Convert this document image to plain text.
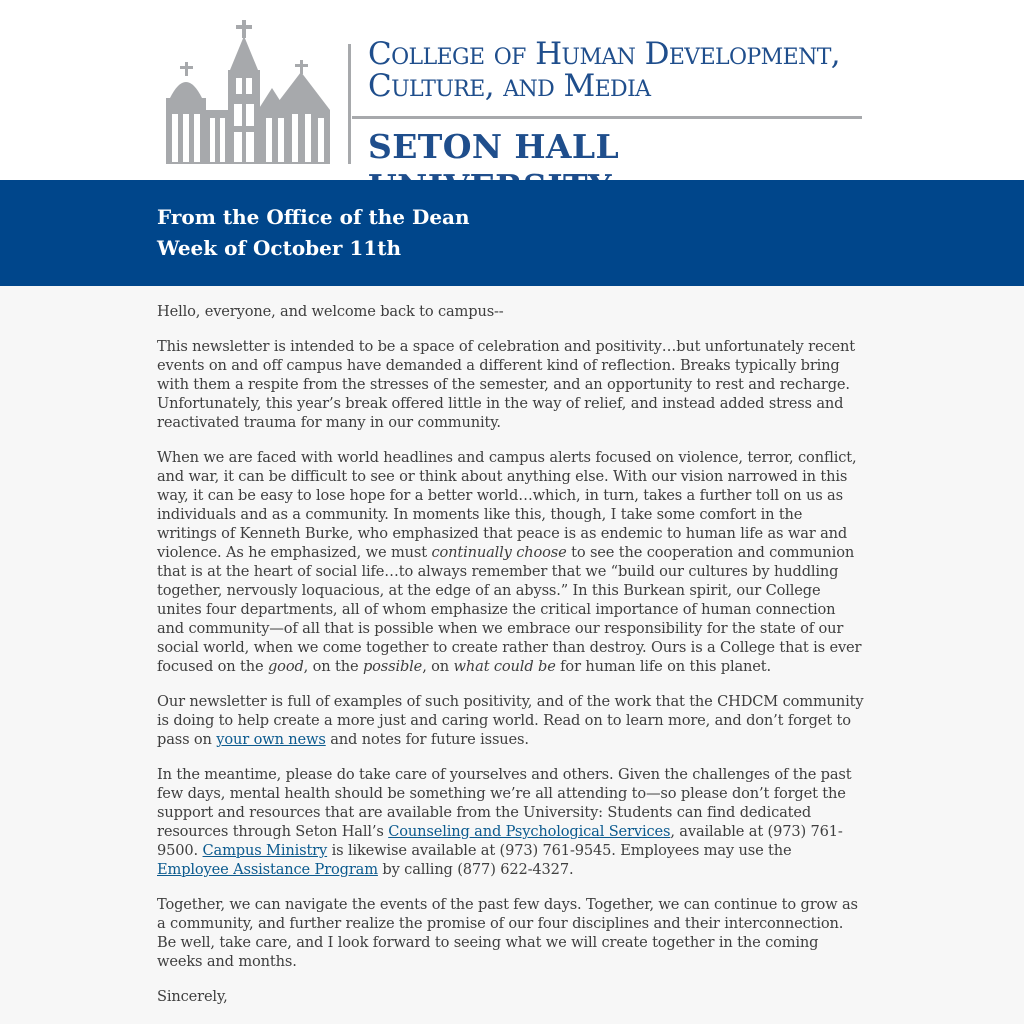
College of Human Development,
Culture, and Media
SETON HALL
From the Office of the Dean
Week of October 11th

Hello, everyone, and welcome back to campus--

This newsletter is intended to be a space of celebration and positivity…but unfortunately recent events on and off campus have demanded a different kind of reflection. Breaks typically bring with them a respite from the stresses of the semester, and an opportunity to rest and recharge. Unfortunately, this year’s break offered little in the way of relief, and instead added stress and reactivated trauma for many in our community.

When we are faced with world headlines and campus alerts focused on violence, terror, conflict, and war, it can be difficult to see or think about anything else. With our vision narrowed in this way, it can be easy to lose hope for a better world…which, in turn, takes a further toll on us as individuals and as a community. In moments like this, though, I take some comfort in the writings of Kenneth Burke, who emphasized that peace is as endemic to human life as war and violence. As he emphasized, we must continually choose to see the cooperation and communion that is at the heart of social life…to always remember that we “build our cultures by huddling together, nervously loquacious, at the edge of an abyss.” In this Burkean spirit, our College unites four departments, all of whom emphasize the critical importance of human connection and community—of all that is possible when we embrace our responsibility for the state of our social world, when we come together to create rather than destroy. Ours is a College that is ever focused on the good, on the possible, on what could be for human life on this planet.

Our newsletter is full of examples of such positivity, and of the work that the CHDCM community is doing to help create a more just and caring world. Read on to learn more, and don’t forget to pass on your own news and notes for future issues.

In the meantime, please do take care of yourselves and others. Given the challenges of the past few days, mental health should be something we’re all attending to—so please don’t forget the support and resources that are available from the University: Students can find dedicated resources through Seton Hall’s Counseling and Psychological Services, available at (973) 761-9500. Campus Ministry is likewise available at (973) 761-9545. Employees may use the Employee Assistance Program by calling (877) 622-4327.

Together, we can navigate the events of the past few days. Together, we can continue to grow as a community, and further realize the promise of our four disciplines and their interconnection. Be well, take care, and I look forward to seeing what we will create together in the coming weeks and months.

Sincerely,
